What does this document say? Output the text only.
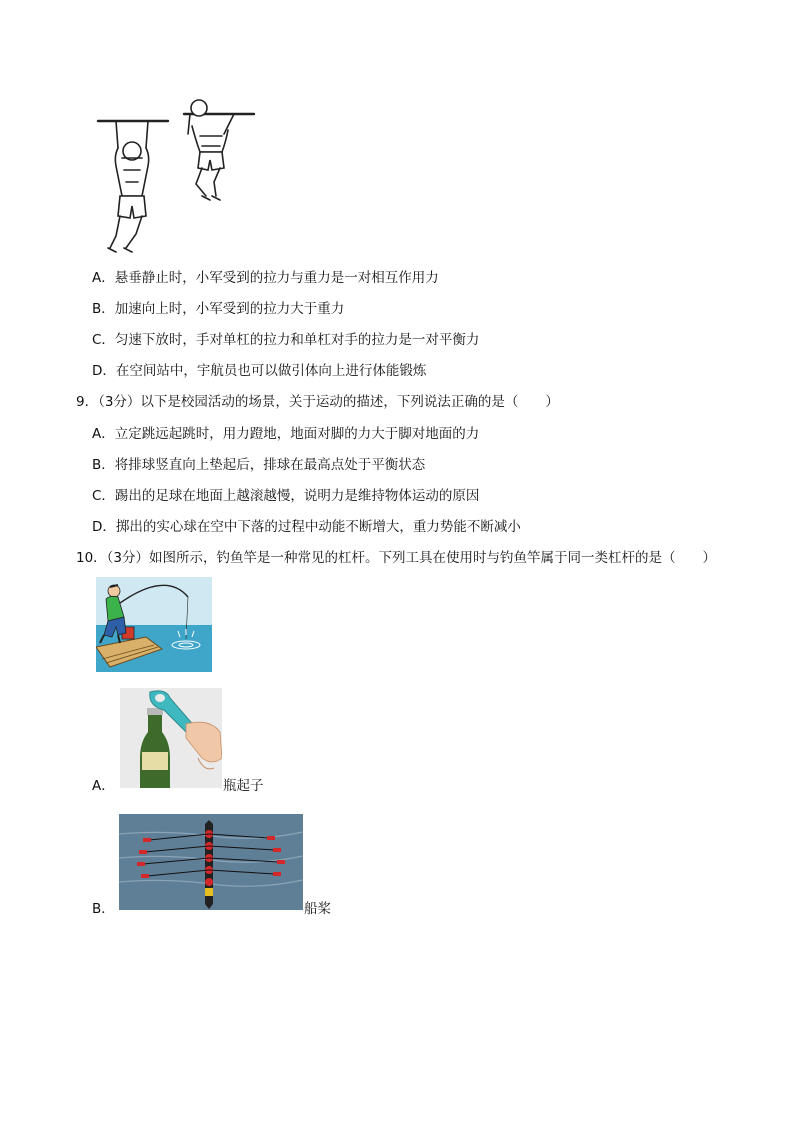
A．悬垂静止时，小军受到的拉力与重力是一对相互作用力
B．加速向上时，小军受到的拉力大于重力
C．匀速下放时，手对单杠的拉力和单杠对手的拉力是一对平衡力
D．在空间站中，宇航员也可以做引体向上进行体能锻炼
9．（3分）以下是校园活动的场景，关于运动的描述，下列说法正确的是（　　）
A．立定跳远起跳时，用力蹬地，地面对脚的力大于脚对地面的力
B．将排球竖直向上垫起后，排球在最高点处于平衡状态
C．踢出的足球在地面上越滚越慢，说明力是维持物体运动的原因
D．掷出的实心球在空中下落的过程中动能不断增大，重力势能不断减小
10．（3分）如图所示，钓鱼竿是一种常见的杠杆。下列工具在使用时与钓鱼竿属于同一类杠杆的是（　　）
A．	瓶起子
B．	船桨
